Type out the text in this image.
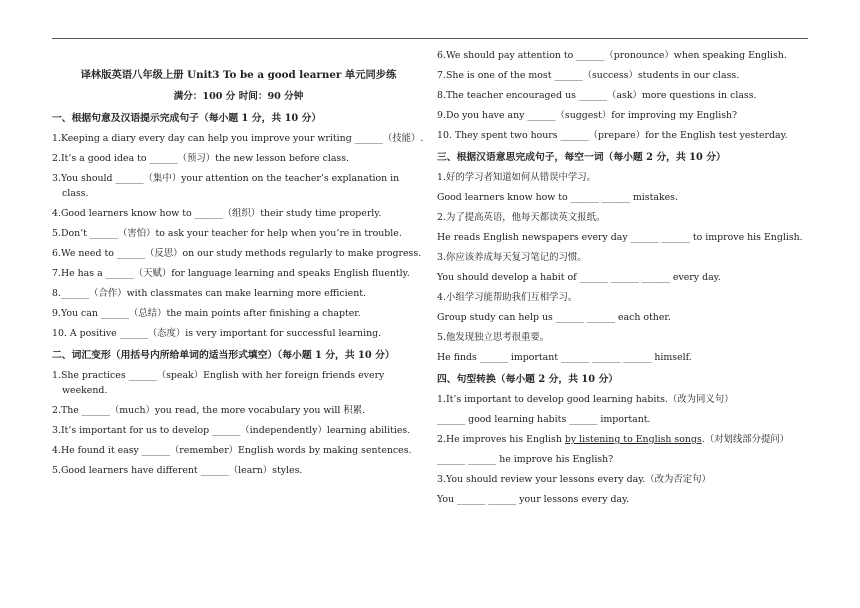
译林版英语八年级上册 Unit3 To be a good learner 单元同步练
满分：100 分 时间：90 分钟
一、根据句意及汉语提示完成句子（每小题 1 分，共 10 分）
1.Keeping a diary every day can help you improve your writing ______（技能）.
2.It’s a good idea to ______（预习）the new lesson before class.
3.You should ______（集中）your attention on the teacher’s explanation in class.
4.Good learners know how to ______（组织）their study time properly.
5.Don’t ______（害怕）to ask your teacher for help when you’re in trouble.
6.We need to ______（反思）on our study methods regularly to make progress.
7.He has a ______（天赋）for language learning and speaks English fluently.
8.______（合作）with classmates can make learning more efficient.
9.You can ______（总结）the main points after finishing a chapter.
10. A positive ______（态度）is very important for successful learning.
二、词汇变形（用括号内所给单词的适当形式填空）（每小题 1 分，共 10 分）
1.She practices ______（speak）English with her foreign friends every weekend.
2.The ______（much）you read, the more vocabulary you will 积累.
3.It’s important for us to develop ______（independently）learning abilities.
4.He found it easy ______（remember）English words by making sentences.
5.Good learners have different ______（learn）styles.
6.We should pay attention to ______（pronounce）when speaking English.
7.She is one of the most ______（success）students in our class.
8.The teacher encouraged us ______（ask）more questions in class.
9.Do you have any ______（suggest）for improving my English?
10. They spent two hours ______（prepare）for the English test yesterday.
三、根据汉语意思完成句子，每空一词（每小题 2 分，共 10 分）
1.好的学习者知道如何从错误中学习。
Good learners know how to ______ ______ mistakes.
2.为了提高英语，他每天都读英文报纸。
He reads English newspapers every day ______ ______ to improve his English.
3.你应该养成每天复习笔记的习惯。
You should develop a habit of ______ ______ ______ every day.
4.小组学习能帮助我们互相学习。
Group study can help us ______ ______ each other.
5.他发现独立思考很重要。
He finds ______ important ______ ______ ______ himself.
四、句型转换（每小题 2 分，共 10 分）
1.It’s important to develop good learning habits.（改为同义句）
______ good learning habits ______ important.
2.He improves his English by listening to English songs.（对划线部分提问）
______ ______ he improve his English?
3.You should review your lessons every day.（改为否定句）
You ______ ______ your lessons every day.
